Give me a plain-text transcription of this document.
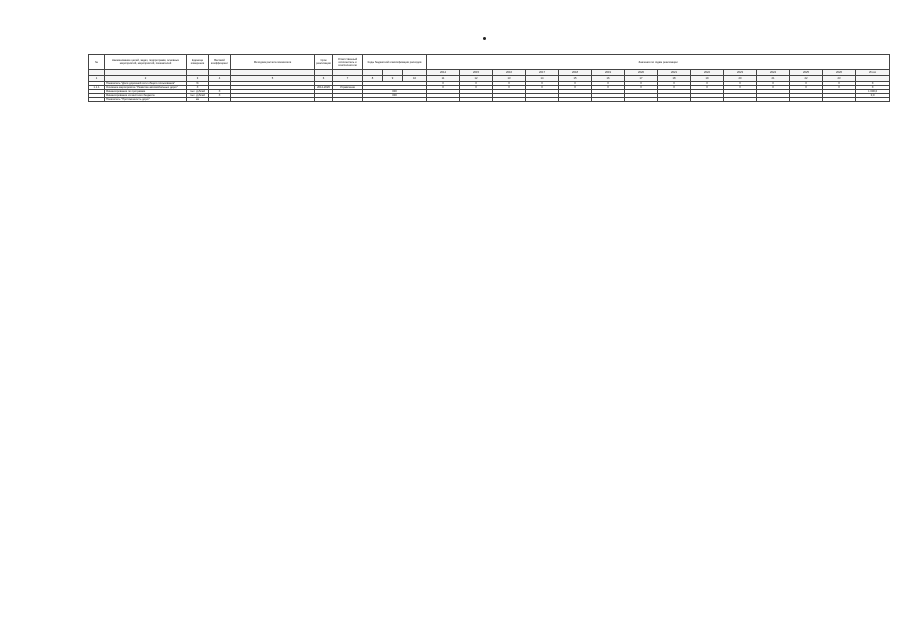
№	Наименование целей, задач, подпрограмм, основных мероприятий, мероприятий, показателей	Единица измерения	Весовой коэффициент	Методика расчета показателя	Срок реализации	Ответственный исполнитель и соисполнители	Коды бюджетной классификации расходов			Значения по годам реализации													
										2014	2015	2016	2017	2018	2019	2020	2021	2022	2023	2024	2025	2026	Итого
1	2	3	4	5	6	7	8	9	10	11	12	13	14	15	16	17	18	19	20	21	22	23	
	Показатель "Доля дорожной сети общего пользования"	%								X	X	X	X	X	X	X	X	X	X	X	X	X	X
1.1.1	Основное мероприятие "Развитие автомобильных дорог"	X			2014-2026	Управление				X	X	X	X	X	X	X	X	X	X	X	X	X	X
	Финансирование по программе	тыс. рублей	X				000																1 000,0
	Финансирование из местного бюджета	тыс. рублей	X				000																0,0
	Показатель "Протяженность дорог"	км																					
